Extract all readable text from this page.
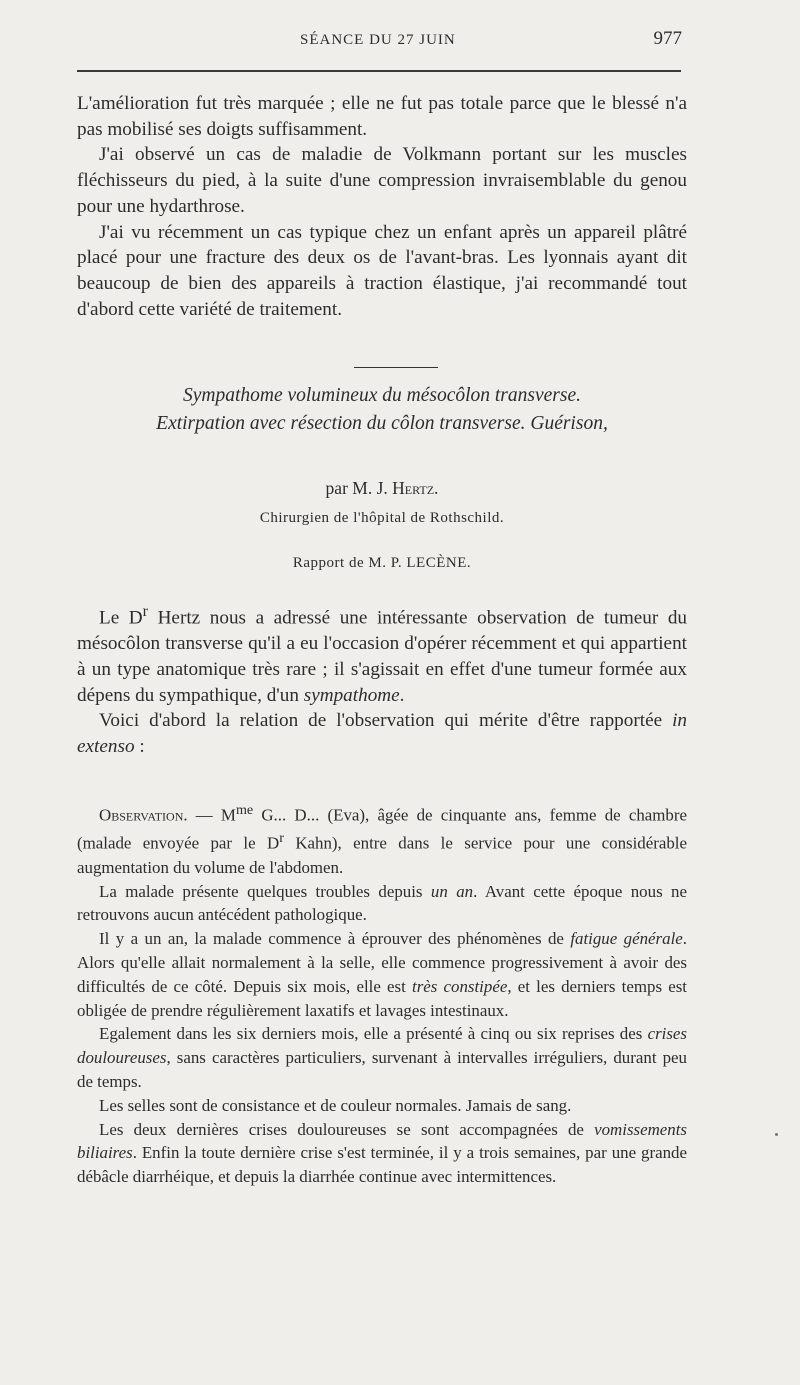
SÉANCE DU 27 JUIN	977

L'amélioration fut très marquée ; elle ne fut pas totale parce que le blessé n'a pas mobilisé ses doigts suffisamment.

J'ai observé un cas de maladie de Volkmann portant sur les muscles fléchisseurs du pied, à la suite d'une compression invraisemblable du genou pour une hydarthrose.

J'ai vu récemment un cas typique chez un enfant après un appareil plâtré placé pour une fracture des deux os de l'avant-bras. Les lyonnais ayant dit beaucoup de bien des appareils à traction élastique, j'ai recommandé tout d'abord cette variété de traitement.

Sympathome volumineux du mésocôlon transverse.
Extirpation avec résection du côlon transverse. Guérison,
par M. J. Hertz.
Chirurgien de l'hôpital de Rothschild.
Rapport de M. P. LECÈNE.

Le $D^r$ Hertz nous a adressé une intéressante observation de tumeur du mésocôlon transverse qu'il a eu l'occasion d'opérer récemment et qui appartient à un type anatomique très rare ; il s'agissait en effet d'une tumeur formée aux dépens du sympathique, d'un sympathome.

Voici d'abord la relation de l'observation qui mérite d'être rapportée in extenso :

Observation. — $M^{me}$ G... D... (Eva), âgée de cinquante ans, femme de chambre (malade envoyée par le $D^r$ Kahn), entre dans le service pour une considérable augmentation du volume de l'abdomen.

La malade présente quelques troubles depuis un an. Avant cette époque nous ne retrouvons aucun antécédent pathologique.

Il y a un an, la malade commence à éprouver des phénomènes de fatigue générale. Alors qu'elle allait normalement à la selle, elle commence progressivement à avoir des difficultés de ce côté. Depuis six mois, elle est très constipée, et les derniers temps est obligée de prendre régulièrement laxatifs et lavages intestinaux.

Egalement dans les six derniers mois, elle a présenté à cinq ou six reprises des crises douloureuses, sans caractères particuliers, survenant à intervalles irréguliers, durant peu de temps.

Les selles sont de consistance et de couleur normales. Jamais de sang.

Les deux dernières crises douloureuses se sont accompagnées de vomissements biliaires. Enfin la toute dernière crise s'est terminée, il y a trois semaines, par une grande débâcle diarrhéique, et depuis la diarrhée continue avec intermittences.
